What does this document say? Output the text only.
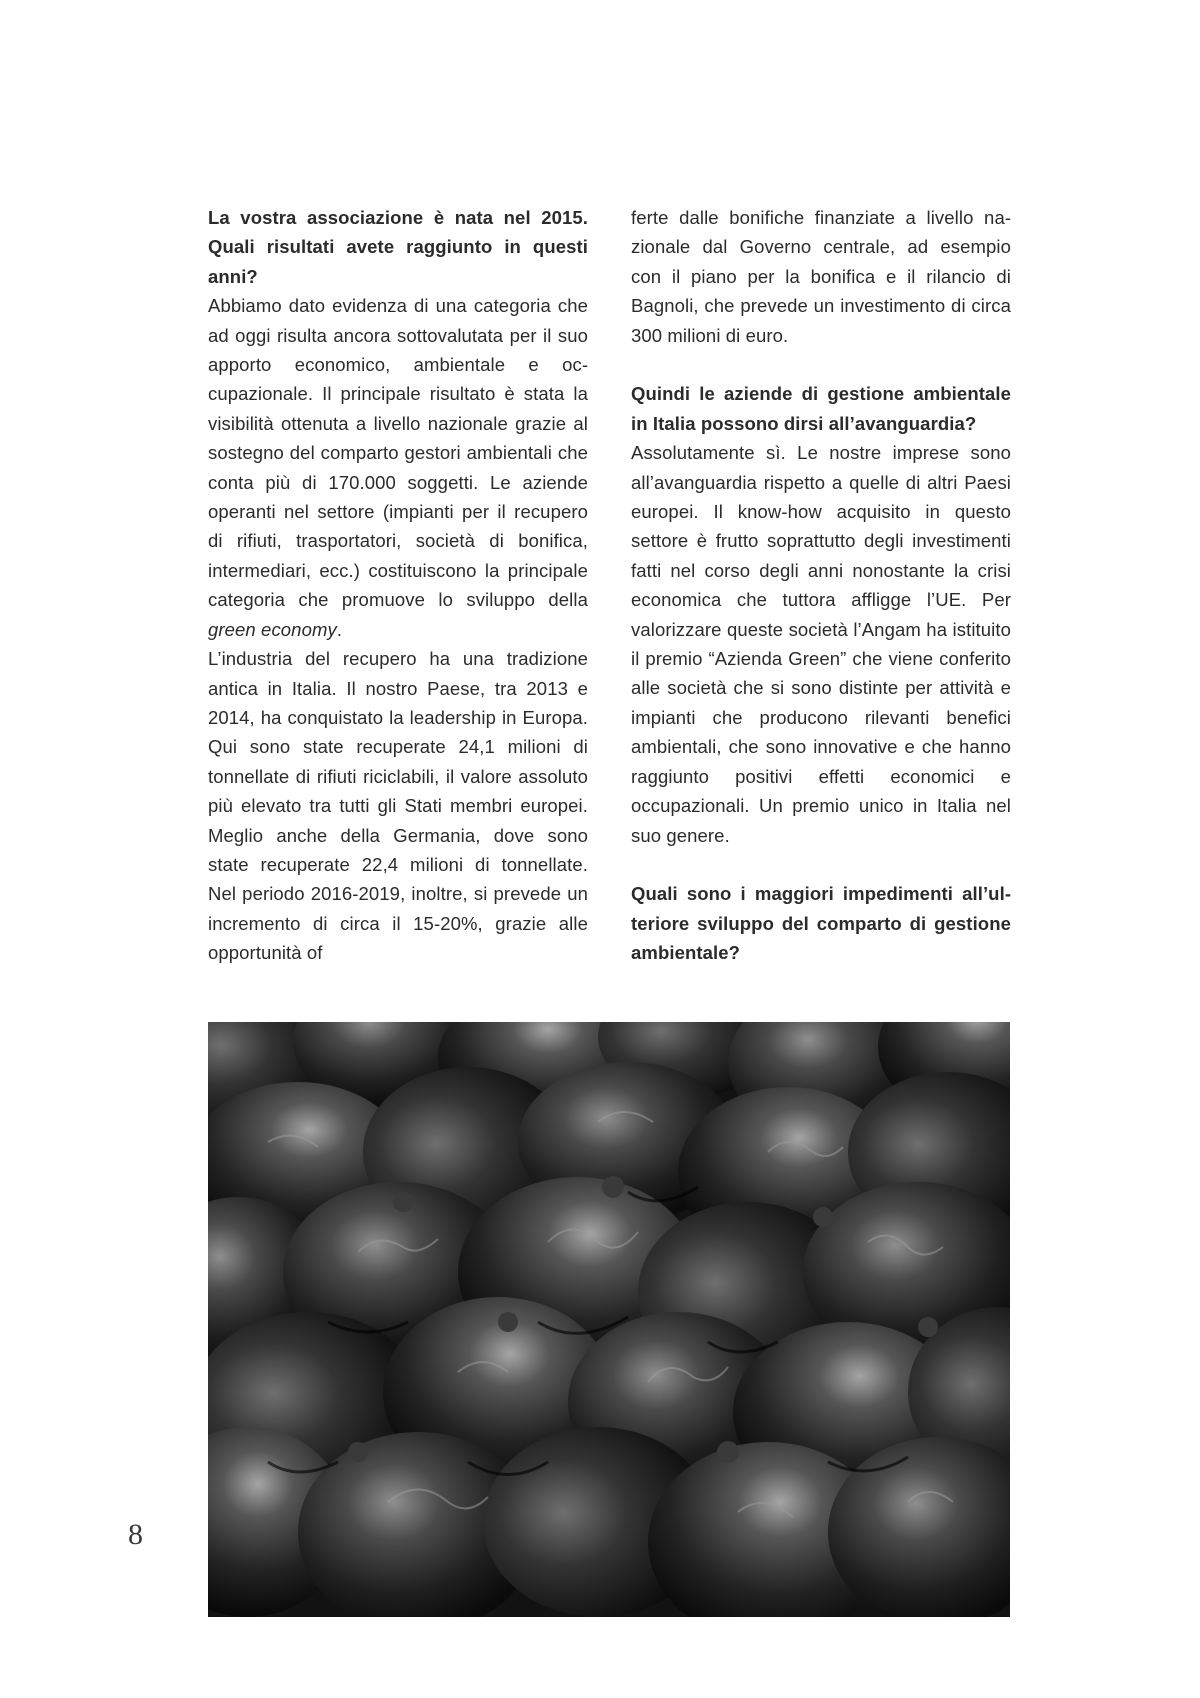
La vostra associazione è nata nel 2015. Quali risultati avete raggiunto in questi anni?

Abbiamo dato evidenza di una categoria che ad oggi risulta ancora sottovalutata per il suo apporto economico, ambientale e occupazionale. Il principale risultato è stata la visibilità ottenuta a livello nazionale grazie al sostegno del comparto gestori ambientali che conta più di 170.000 soggetti. Le aziende operanti nel settore (impianti per il recupero di rifiuti, trasportatori, società di bonifica, intermediari, ecc.) costituiscono la principale categoria che promuove lo sviluppo della green economy.

L’industria del recupero ha una tradizione antica in Italia. Il nostro Paese, tra 2013 e 2014, ha conquistato la leadership in Europa. Qui sono state recuperate 24,1 milioni di tonnellate di rifiuti riciclabili, il valore assoluto più elevato tra tutti gli Stati membri europei. Meglio anche della Germania, dove sono state recuperate 22,4 milioni di tonnellate. Nel periodo 2016-2019, inoltre, si prevede un incremento di circa il 15-20%, grazie alle opportunità of

ferte dalle bonifiche finanziate a livello nazionale dal Governo centrale, ad esempio con il piano per la bonifica e il rilancio di Bagnoli, che prevede un investimento di circa 300 milioni di euro.

Quindi le aziende di gestione ambientale in Italia possono dirsi all’avanguardia?

Assolutamente sì. Le nostre imprese sono all’avanguardia rispetto a quelle di altri Paesi europei. Il know-how acquisito in questo settore è frutto soprattutto degli investimenti fatti nel corso degli anni nonostante la crisi economica che tuttora affligge l’UE. Per valorizzare queste società l’Angam ha istituito il premio “Azienda Green” che viene conferito alle società che si sono distinte per attività e impianti che producono rilevanti benefici ambientali, che sono innovative e che hanno raggiunto positivi effetti economici e occupazionali. Un premio unico in Italia nel suo genere.

Quali sono i maggiori impedimenti all’ulteriore sviluppo del comparto di gestione ambientale?

8
